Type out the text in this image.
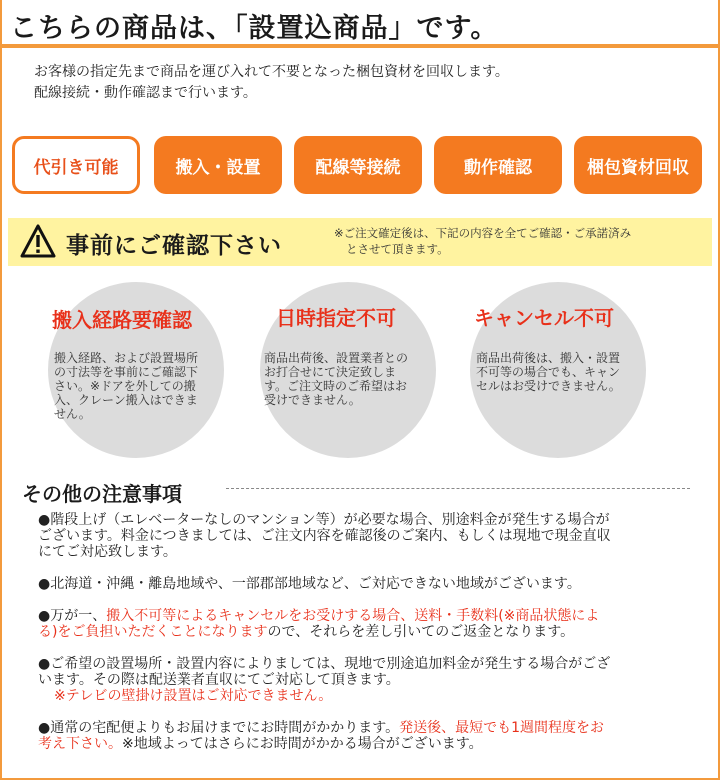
こちらの商品は、「設置込商品」です。
お客様の指定先まで商品を運び入れて不要となった梱包資材を回収します。
配線接続・動作確認まで行います。
代引き可能	搬入・設置	配線等接続	動作確認	梱包資材回収
事前にご確認下さい	※ご注文確定後は、下記の内容を全てご確認・ご承諾済み
とさせて頂きます。
搬入経路要確認
搬入経路、および設置場所
の寸法等を事前にご確認下
さい。※ドアを外しての搬
入、クレーン搬入はできま
せん。
日時指定不可
商品出荷後、設置業者との
お打合せにて決定致しま
す。ご注文時のご希望はお
受けできません。
キャンセル不可
商品出荷後は、搬入・設置
不可等の場合でも、キャン
セルはお受けできません。
その他の注意事項
●階段上げ（エレベーターなしのマンション等）が必要な場合、別途料金が発生する場合が
ございます。料金につきましては、ご注文内容を確認後のご案内、もしくは現地で現金直収
にてご対応致します。
●北海道・沖縄・離島地域や、一部郡部地域など、ご対応できない地域がございます。
●万が一、搬入不可等によるキャンセルをお受けする場合、送料・手数料(※商品状態によ
る)をご負担いただくことになりますので、それらを差し引いてのご返金となります。
●ご希望の設置場所・設置内容によりましては、現地で別途追加料金が発生する場合がござ
います。その際は配送業者直収にてご対応して頂きます。
※テレビの壁掛け設置はご対応できません。
●通常の宅配便よりもお届けまでにお時間がかかります。発送後、最短でも1週間程度をお
考え下さい。※地域よってはさらにお時間がかかる場合がございます。
